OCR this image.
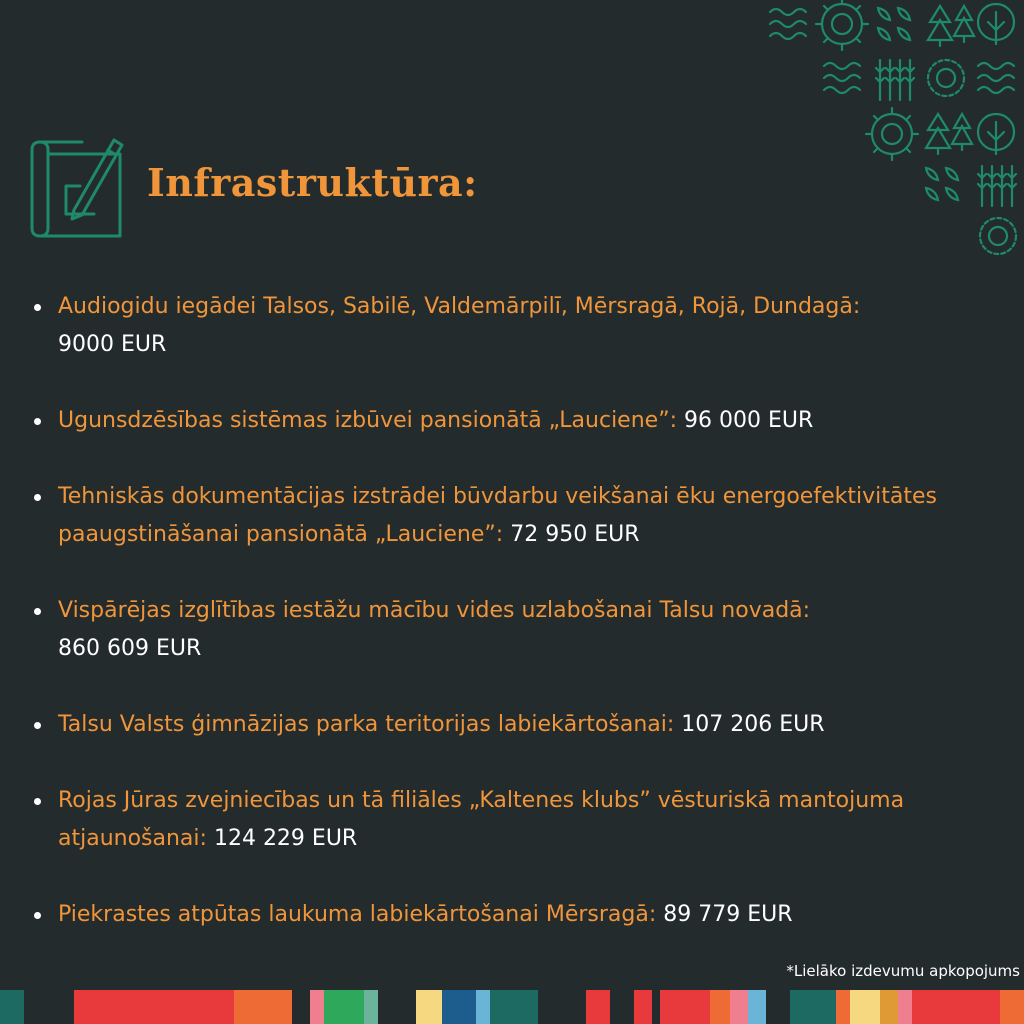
Infrastruktūra:
Audiogidu iegādei Talsos, Sabilē, Valdemārpilī, Mērsragā, Rojā, Dundagā:
9000 EUR
Ugunsdzēsības sistēmas izbūvei pansionātā „Lauciene”: 96 000 EUR
Tehniskās dokumentācijas izstrādei būvdarbu veikšanai ēku energoefektivitātes paaugstināšanai pansionātā „Lauciene”: 72 950 EUR
Vispārējas izglītības iestāžu mācību vides uzlabošanai Talsu novadā:
860 609 EUR
Talsu Valsts ģimnāzijas parka teritorijas labiekārtošanai: 107 206 EUR
Rojas Jūras zvejniecības un tā filiāles „Kaltenes klubs” vēsturiskā mantojuma atjaunošanai: 124 229 EUR
Piekrastes atpūtas laukuma labiekārtošanai Mērsragā: 89 779 EUR
*Lielāko izdevumu apkopojums
